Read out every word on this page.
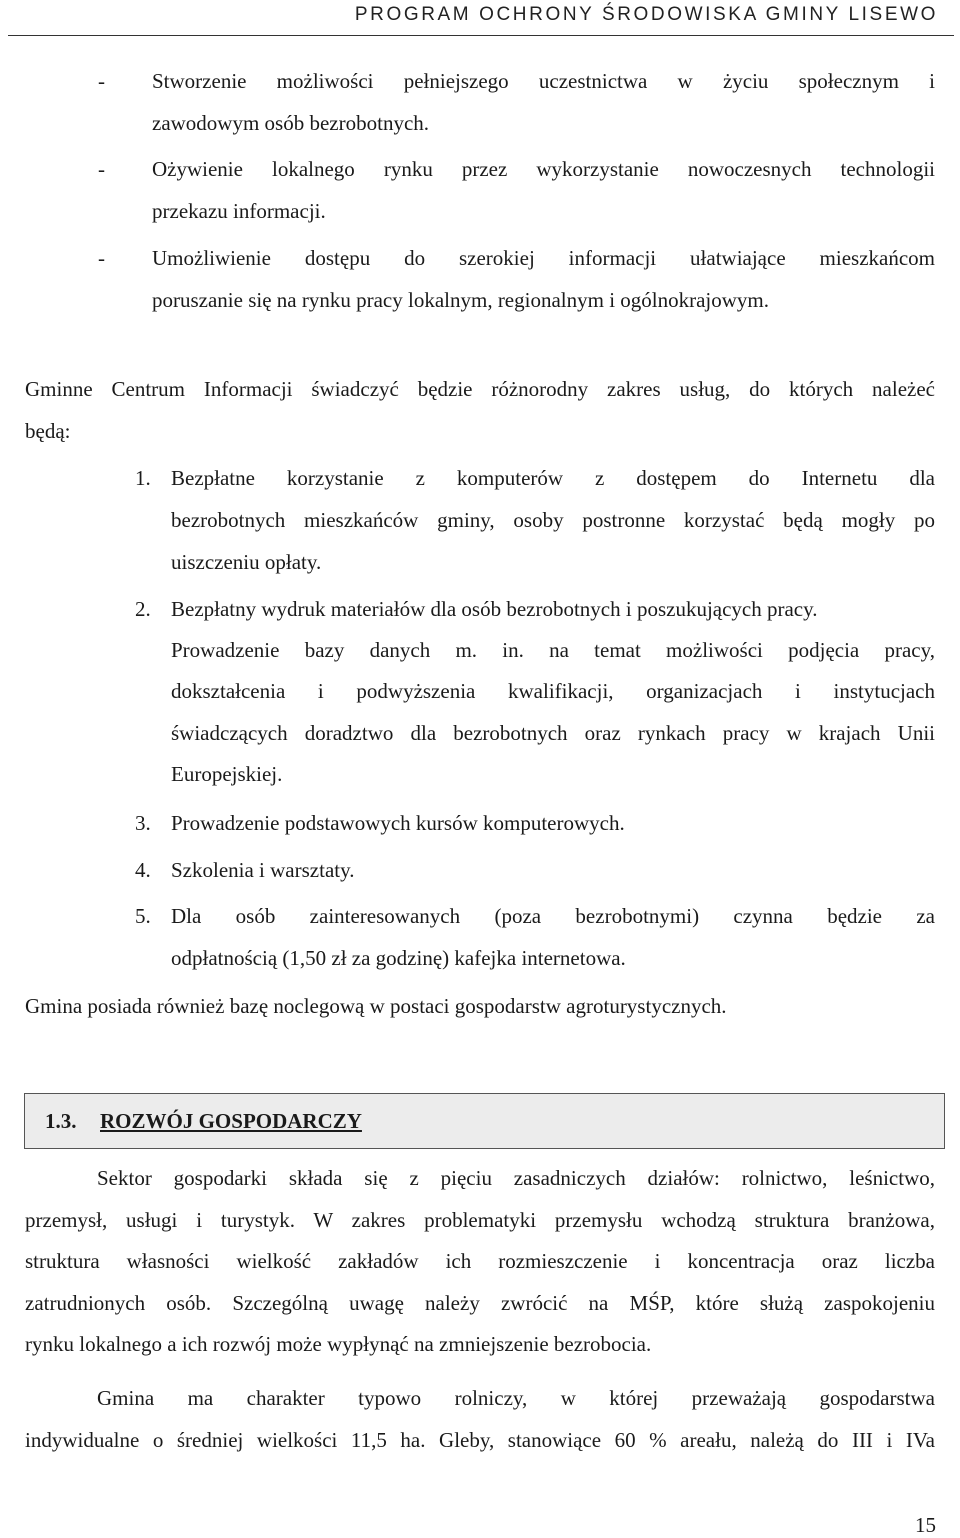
PROGRAM OCHRONY ŚRODOWISKA GMINY LISEWO
- Stworzenie możliwości pełniejszego uczestnictwa w życiu społecznym i
zawodowym osób bezrobotnych.
- Ożywienie lokalnego rynku przez wykorzystanie nowoczesnych technologii
przekazu informacji.
- Umożliwienie dostępu do szerokiej informacji ułatwiające mieszkańcom
poruszanie się na rynku pracy lokalnym, regionalnym i ogólnokrajowym.
Gminne Centrum Informacji świadczyć będzie różnorodny zakres usług, do których należeć
będą:
1. Bezpłatne korzystanie z komputerów z dostępem do Internetu dla
bezrobotnych mieszkańców gminy, osoby postronne korzystać będą mogły po
uiszczeniu opłaty.
2. Bezpłatny wydruk materiałów dla osób bezrobotnych i poszukujących pracy.
Prowadzenie bazy danych m. in. na temat możliwości podjęcia pracy,
dokształcenia i podwyższenia kwalifikacji, organizacjach i instytucjach
świadczących doradztwo dla bezrobotnych oraz rynkach pracy w krajach Unii
Europejskiej.
3. Prowadzenie podstawowych kursów komputerowych.
4. Szkolenia i warsztaty.
5. Dla osób zainteresowanych (poza bezrobotnymi) czynna będzie za
odpłatnością (1,50 zł za godzinę) kafejka internetowa.
Gmina posiada również bazę noclegową w postaci gospodarstw agroturystycznych.
1.3. ROZWÓJ GOSPODARCZY
Sektor gospodarki składa się z pięciu zasadniczych działów: rolnictwo, leśnictwo,
przemysł, usługi i turystyk. W zakres problematyki przemysłu wchodzą struktura branżowa,
struktura własności wielkość zakładów ich rozmieszczenie i koncentracja oraz liczba
zatrudnionych osób. Szczególną uwagę należy zwrócić na MŚP, które służą zaspokojeniu
rynku lokalnego a ich rozwój może wypłynąć na zmniejszenie bezrobocia.
Gmina ma charakter typowo rolniczy, w której przeważają gospodarstwa
indywidualne o średniej wielkości 11,5 ha. Gleby, stanowiące 60 % areału, należą do III i IVa
15
